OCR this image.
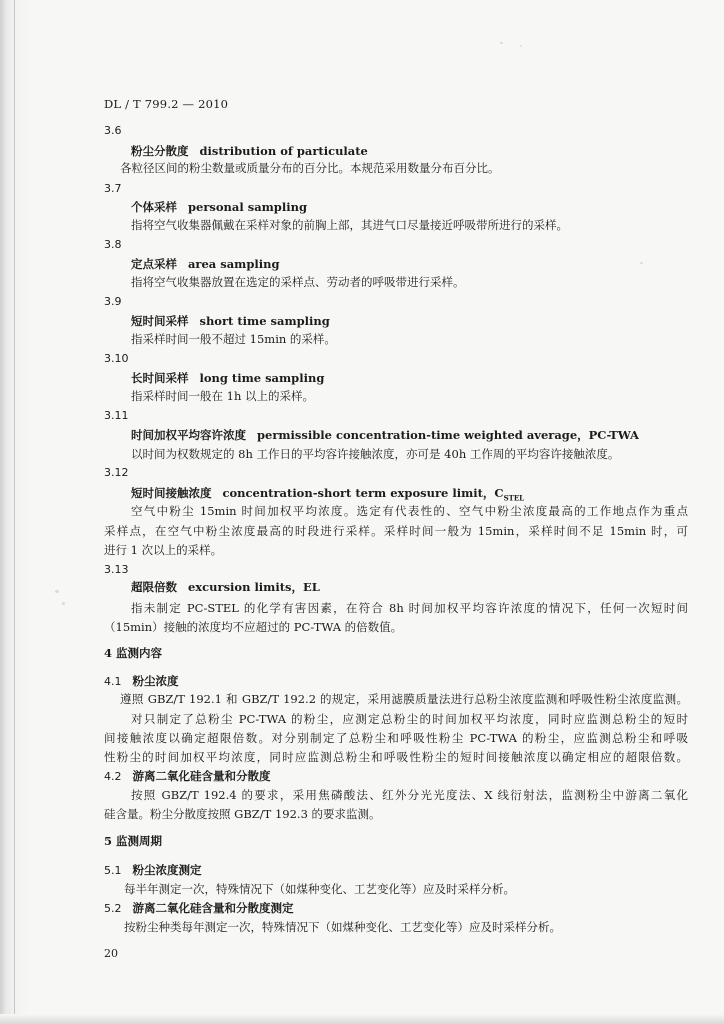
DL / T 799.2 — 2010
3.6
粉尘分散度 distribution of particulate
各粒径区间的粉尘数量或质量分布的百分比。本规范采用数量分布百分比。
3.7
个体采样 personal sampling
指将空气收集器佩戴在采样对象的前胸上部，其进气口尽量接近呼吸带所进行的采样。
3.8
定点采样 area sampling
指将空气收集器放置在选定的采样点、劳动者的呼吸带进行采样。
3.9
短时间采样 short time sampling
指采样时间一般不超过 15min 的采样。
3.10
长时间采样 long time sampling
指采样时间一般在 1h 以上的采样。
3.11
时间加权平均容许浓度 permissible concentration-time weighted average，PC-TWA
以时间为权数规定的 8h 工作日的平均容许接触浓度，亦可是 40h 工作周的平均容许接触浓度。
3.12
短时间接触浓度 concentration-short term exposure limit，$C_{STEL}$
空气中粉尘 15min 时间加权平均浓度。选定有代表性的、空气中粉尘浓度最高的工作地点作为重点
采样点，在空气中粉尘浓度最高的时段进行采样。采样时间一般为 15min，采样时间不足 15min 时，可
进行 1 次以上的采样。
3.13
超限倍数 excursion limits，EL
指未制定 PC-STEL 的化学有害因素，在符合 8h 时间加权平均容许浓度的情况下，任何一次短时间
（15min）接触的浓度均不应超过的 PC-TWA 的倍数值。
4 监测内容
4.1 粉尘浓度
遵照 GBZ/T 192.1 和 GBZ/T 192.2 的规定，采用滤膜质量法进行总粉尘浓度监测和呼吸性粉尘浓度监测。
对只制定了总粉尘 PC-TWA 的粉尘，应测定总粉尘的时间加权平均浓度，同时应监测总粉尘的短时
间接触浓度以确定超限倍数。对分别制定了总粉尘和呼吸性粉尘 PC-TWA 的粉尘，应监测总粉尘和呼吸
性粉尘的时间加权平均浓度，同时应监测总粉尘和呼吸性粉尘的短时间接触浓度以确定相应的超限倍数。
4.2 游离二氧化硅含量和分散度
按照 GBZ/T 192.4 的要求，采用焦磷酸法、红外分光光度法、X 线衍射法，监测粉尘中游离二氧化
硅含量。粉尘分散度按照 GBZ/T 192.3 的要求监测。
5 监测周期
5.1 粉尘浓度测定
每半年测定一次，特殊情况下（如煤种变化、工艺变化等）应及时采样分析。
5.2 游离二氧化硅含量和分散度测定
按粉尘种类每年测定一次，特殊情况下（如煤种变化、工艺变化等）应及时采样分析。
20
